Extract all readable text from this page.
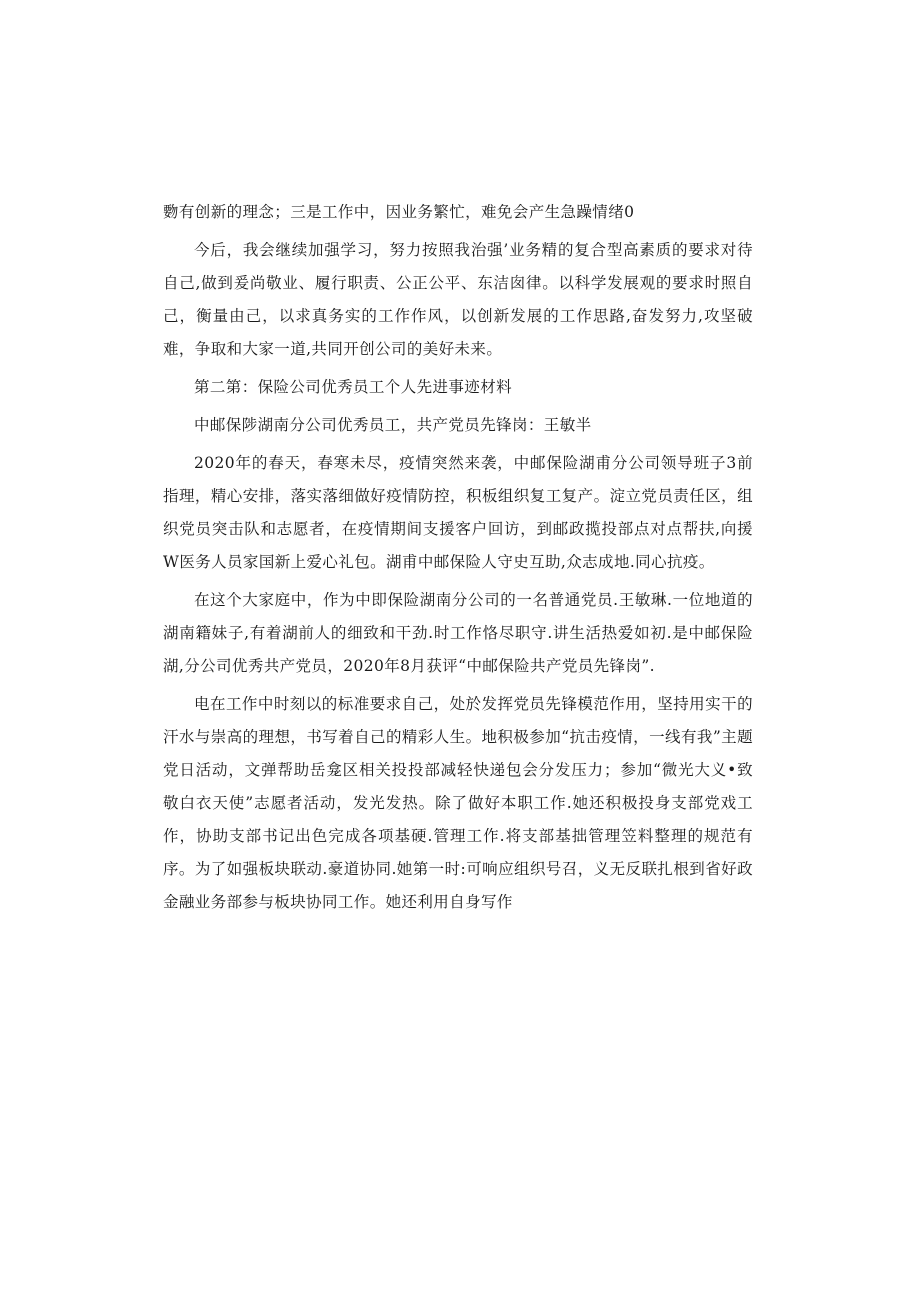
覅有创新的理念；三是工作中，因业务繁忙，难免会产生急躁情绪0

今后，我会继续加强学习，努力按照我治强’业务精的复合型高素质的要求对待自己,做到爰尚敬业、履行职责、公正公平、东洁囱律。以科学发展观的要求时照自己，衡量由己，以求真务实的工作作风，以创新发展的工作思路,奋发努力,攻坚破难，争取和大家一道,共同开创公司的美好未来。

第二第：保险公司优秀员工个人先进事迹材料

中邮保陟湖南分公司优秀员工，共产党员先锋岗：王敏半

2020年的春天，春寒未尽，疫情突然来袭，中邮保险湖甫分公司领导班子3前指理，精心安排，落实落细做好疫情防控，积板组织复工复产。淀立党员责任区，组织党员突击队和志愿者，在疫情期间支援客户回访，到邮政揽投部点对点帮扶,向援W医务人员家国新上爱心礼包。湖甫中邮保险人守史互助,众志成地.同心抗疫。

在这个大家庭中，作为中即保险湖南分公司的一名普通党员.王敏琳.一位地道的湖南籍妹子,有着湖前人的细致和干劲.时工作恪尽职守.讲生活热爱如初.是中邮保险湖,分公司优秀共产党员，2020年8月获评“中邮保险共产党员先锋岗”.

电在工作中时刻以的标准要求自己，处於发挥党员先锋模范作用，坚持用实干的汗水与崇高的理想，书写着自己的精彩人生。地积极参加“抗击疫情，一线有我”主题党日活动，文弹帮助岳龛区相关投投部减轻快递包会分发压力；参加“微光大义•致敬白衣天使”志愿者活动，发光发热。除了做好本职工作.她还积极投身支部党戏工作，协助支部书记出色完成各项基硬.管理工作.将支部基拙管理笠料整理的规范有序。为了如强板块联动.豪道协同.她第一时:可响应组织号召，义无反联扎根到省好政金融业务部参与板块协同工作。她还利用自身写作
